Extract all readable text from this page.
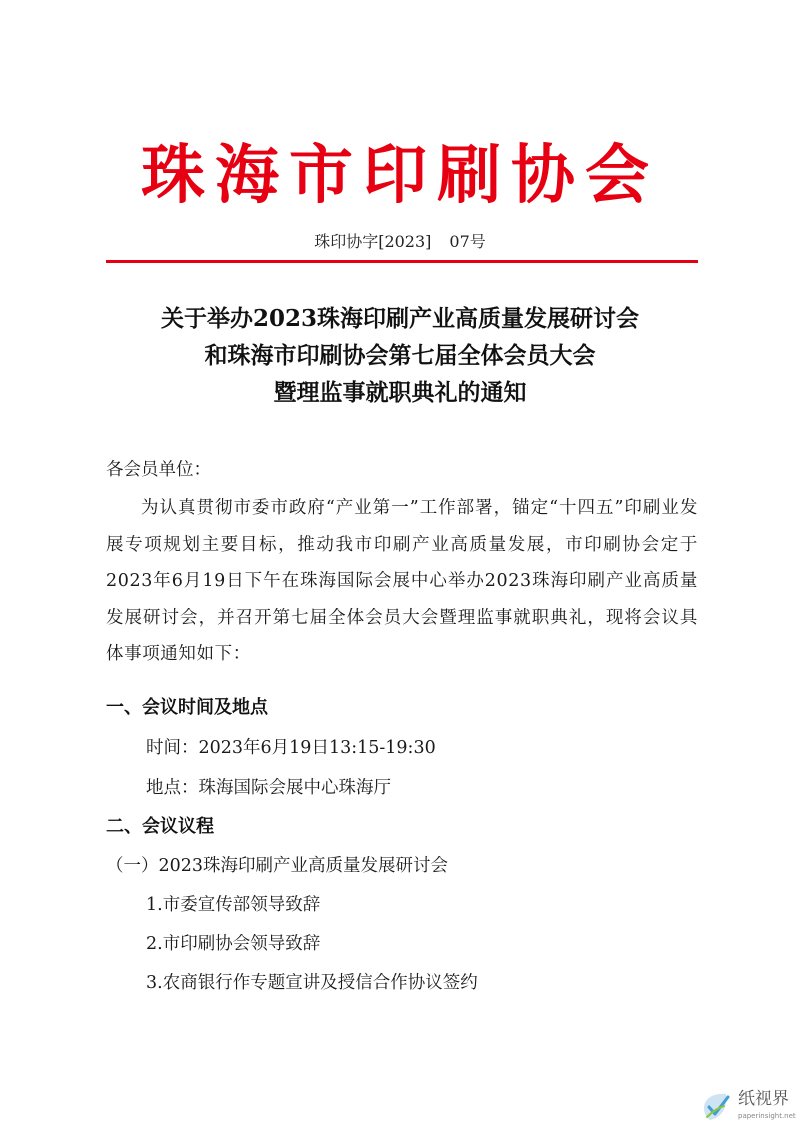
珠海市印刷协会
珠印协字[2023] 07号
关于举办2023珠海印刷产业高质量发展研讨会
和珠海市印刷协会第七届全体会员大会
暨理监事就职典礼的通知
各会员单位：
为认真贯彻市委市政府“产业第一”工作部署，锚定“十四五”印刷业发展专项规划主要目标，推动我市印刷产业高质量发展，市印刷协会定于2023年6月19日下午在珠海国际会展中心举办2023珠海印刷产业高质量发展研讨会，并召开第七届全体会员大会暨理监事就职典礼，现将会议具体事项通知如下：
一、会议时间及地点
时间：2023年6月19日13:15-19:30
地点：珠海国际会展中心珠海厅
二、会议议程
（一）2023珠海印刷产业高质量发展研讨会
1.市委宣传部领导致辞
2.市印刷协会领导致辞
3.农商银行作专题宣讲及授信合作协议签约
纸视界
paperinsight.net
